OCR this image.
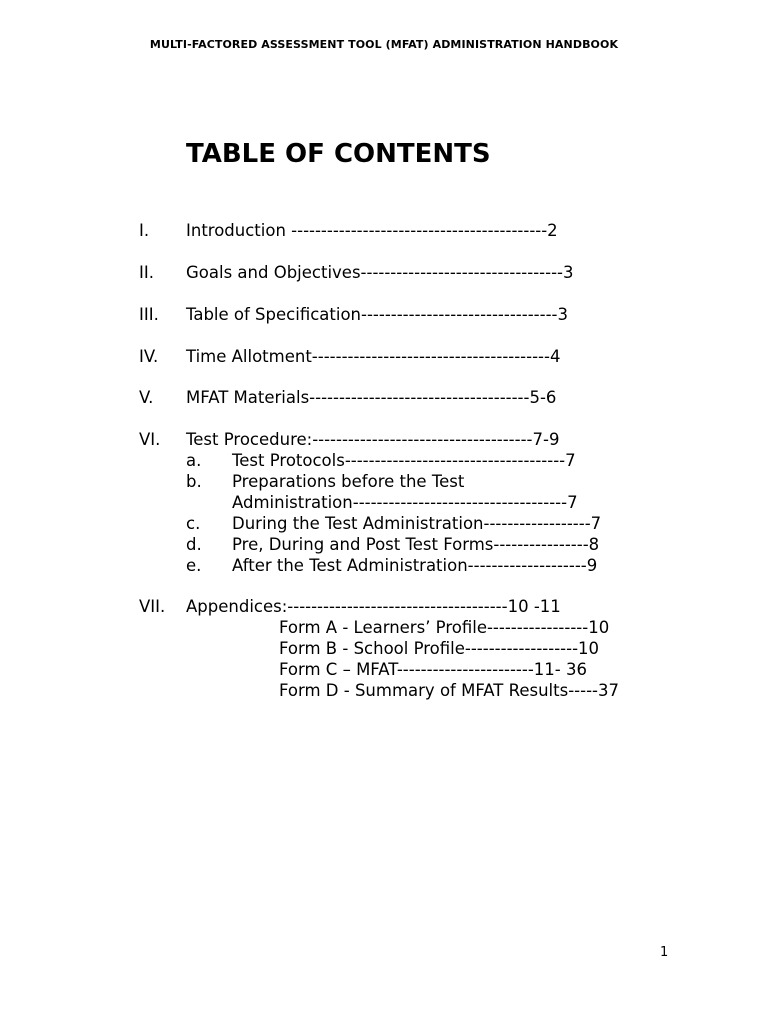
MULTI-FACTORED ASSESSMENT TOOL (MFAT) ADMINISTRATION HANDBOOK
TABLE OF CONTENTS
I. Introduction -------------------------------------------2
II. Goals and Objectives----------------------------------3
III. Table of Specification---------------------------------3
IV. Time Allotment----------------------------------------4
V. MFAT Materials-------------------------------------5-6
VI. Test Procedure:-------------------------------------7-9
a. Test Protocols-------------------------------------7
b. Preparations before the Test
Administration------------------------------------7
c. During the Test Administration------------------7
d. Pre, During and Post Test Forms----------------8
e. After the Test Administration--------------------9
VII. Appendices:-------------------------------------10 -11
Form A - Learners’ Profile-----------------10
Form B - School Profile-------------------10
Form C – MFAT-----------------------11- 36
Form D - Summary of MFAT Results-----37
1
